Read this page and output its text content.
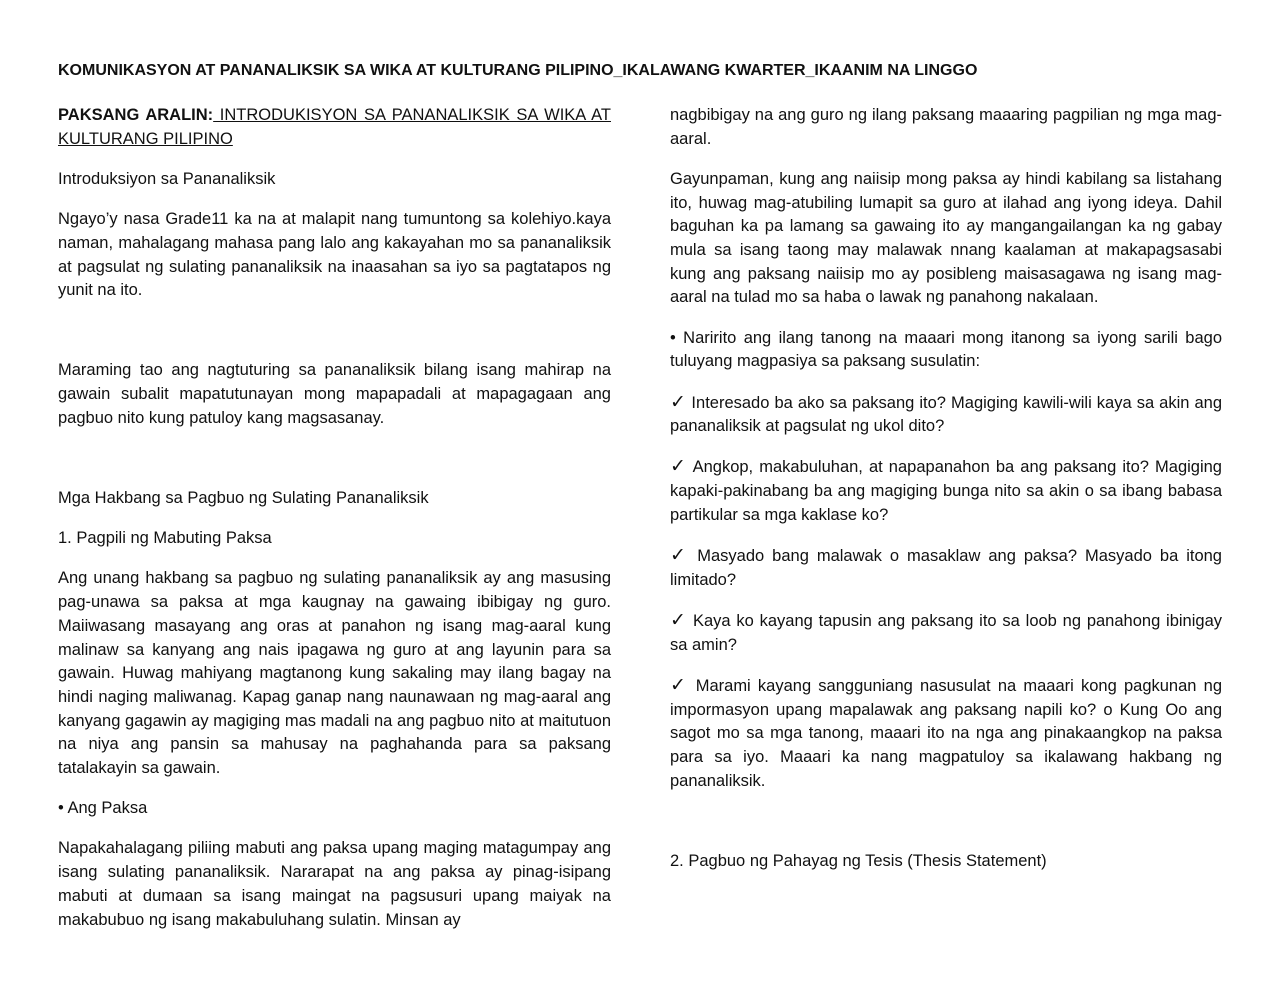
KOMUNIKASYON AT PANANALIKSIK SA WIKA AT KULTURANG PILIPINO_IKALAWANG KWARTER_IKAANIM NA LINGGO

PAKSANG ARALIN: INTRODUKISYON SA PANANALIKSIK SA WIKA AT KULTURANG PILIPINO

Introduksiyon sa Pananaliksik

Ngayo’y nasa Grade11 ka na at malapit nang tumuntong sa kolehiyo.kaya naman, mahalagang mahasa pang lalo ang kakayahan mo sa pananaliksik at pagsulat ng sulating pananaliksik na inaasahan sa iyo sa pagtatapos ng yunit na ito.

Maraming tao ang nagtuturing sa pananaliksik bilang isang mahirap na gawain subalit mapatutunayan mong mapapadali at mapagagaan ang pagbuo nito kung patuloy kang magsasanay.

Mga Hakbang sa Pagbuo ng Sulating Pananaliksik

1. Pagpili ng Mabuting Paksa

Ang unang hakbang sa pagbuo ng sulating pananaliksik ay ang masusing pag-unawa sa paksa at mga kaugnay na gawaing ibibigay ng guro. Maiiwasang masayang ang oras at panahon ng isang mag-aaral kung malinaw sa kanyang ang nais ipagawa ng guro at ang layunin para sa gawain. Huwag mahiyang magtanong kung sakaling may ilang bagay na hindi naging maliwanag. Kapag ganap nang naunawaan ng mag-aaral ang kanyang gagawin ay magiging mas madali na ang pagbuo nito at maitutuon na niya ang pansin sa mahusay na paghahanda para sa paksang tatalakayin sa gawain.

• Ang Paksa

Napakahalagang piliing mabuti ang paksa upang maging matagumpay ang isang sulating pananaliksik. Nararapat na ang paksa ay pinag-isipang mabuti at dumaan sa isang maingat na pagsusuri upang maiyak na makabubuo ng isang makabuluhang sulatin. Minsan ay

nagbibigay na ang guro ng ilang paksang maaaring pagpilian ng mga mag-aaral.

Gayunpaman, kung ang naiisip mong paksa ay hindi kabilang sa listahang ito, huwag mag-atubiling lumapit sa guro at ilahad ang iyong ideya. Dahil baguhan ka pa lamang sa gawaing ito ay mangangailangan ka ng gabay mula sa isang taong may malawak nnang kaalaman at makapagsasabi kung ang paksang naiisip mo ay posibleng maisasagawa ng isang mag-aaral na tulad mo sa haba o lawak ng panahong nakalaan.

• Naririto ang ilang tanong na maaari mong itanong sa iyong sarili bago tuluyang magpasiya sa paksang susulatin:

✓ Interesado ba ako sa paksang ito? Magiging kawili-wili kaya sa akin ang pananaliksik at pagsulat ng ukol dito?

✓ Angkop, makabuluhan, at napapanahon ba ang paksang ito? Magiging kapaki-pakinabang ba ang magiging bunga nito sa akin o sa ibang babasa partikular sa mga kaklase ko?

✓ Masyado bang malawak o masaklaw ang paksa? Masyado ba itong limitado?

✓ Kaya ko kayang tapusin ang paksang ito sa loob ng panahong ibinigay sa amin?

✓ Marami kayang sangguniang nasusulat na maaari kong pagkunan ng impormasyon upang mapalawak ang paksang napili ko? o Kung Oo ang sagot mo sa mga tanong, maaari ito na nga ang pinakaangkop na paksa para sa iyo. Maaari ka nang magpatuloy sa ikalawang hakbang ng pananaliksik.

2. Pagbuo ng Pahayag ng Tesis (Thesis Statement)
